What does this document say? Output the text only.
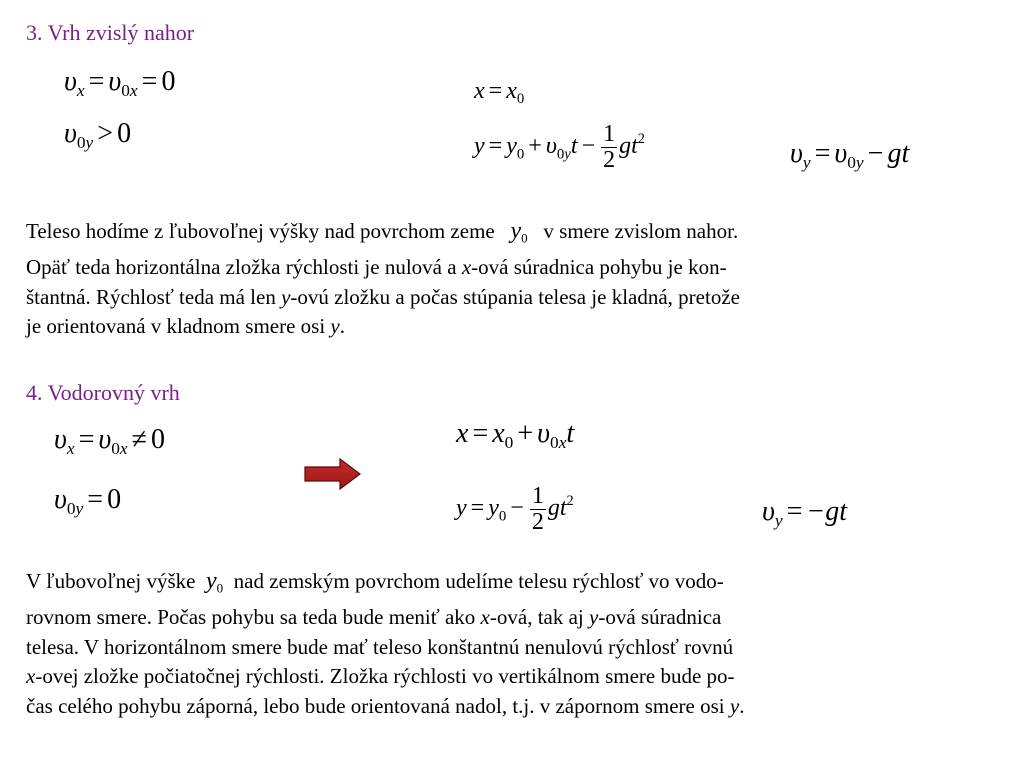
3. Vrh zvislý nahor
$\upsilon_x = \upsilon_{0x} = 0$
$\upsilon_{0y} > 0$
$x = x_0$
$y = y_0 + \upsilon_{0y}t - \frac{1}{2} gt^2$	$\upsilon_y = \upsilon_{0y}$ − gt
Teleso hodíme z ľubovoľnej výšky nad povrchom zeme $y_0$ v smere zvislom nahor.
Opäť teda horizontálna zložka rýchlosti je nulová a x-ová súradnica pohybu je kon-
štantná. Rýchlosť teda má len y-ovú zložku a počas stúpania telesa je kladná, pretože
je orientovaná v kladnom smere osi y.
4. Vodorovný vrh
$\upsilon_x = \upsilon_{0x} \ne 0$
$\upsilon_{0y} = 0$
$x = x_0 + \upsilon_{0x}t$
$y = y_0 - \frac{1}{2} gt^2$	$\upsilon_y = -gt$
V ľubovoľnej výške $y_0$ nad zemským povrchom udelíme telesu rýchlosť vo vodo-
rovnom smere. Počas pohybu sa teda bude meniť ako x-ová, tak aj y-ová súradnica
telesa. V horizontálnom smere bude mať teleso konštantnú nenulovú rýchlosť rovnú
x-ovej zložke počiatočnej rýchlosti. Zložka rýchlosti vo vertikálnom smere bude po-
čas celého pohybu záporná, lebo bude orientovaná nadol, t.j. v zápornom smere osi y.
